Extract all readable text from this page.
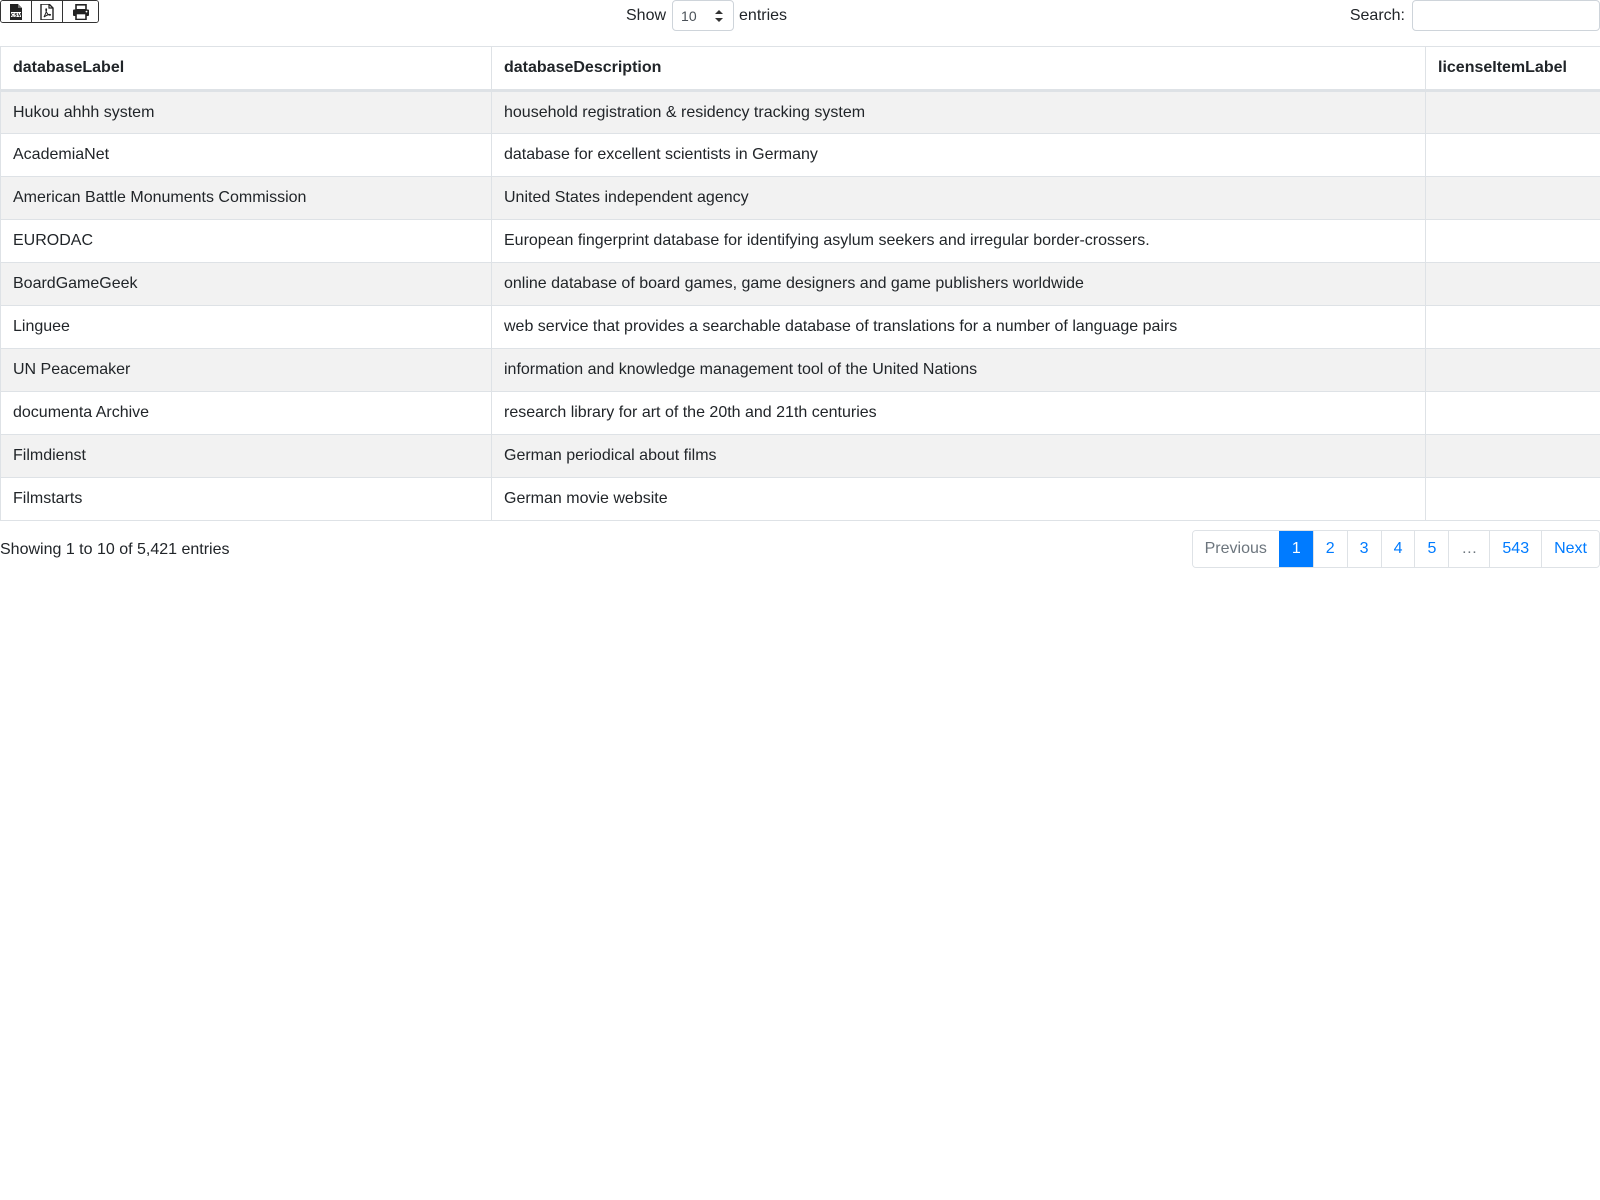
CSV	Show 10	entries	Search:
databaseLabel	databaseDescription	licenseItemLabel
Hukou ahhh system	household registration & residency tracking system	
AcademiaNet	database for excellent scientists in Germany	
American Battle Monuments Commission	United States independent agency	
EURODAC	European fingerprint database for identifying asylum seekers and irregular border-crossers.	
BoardGameGeek	online database of board games, game designers and game publishers worldwide	
Linguee	web service that provides a searchable database of translations for a number of language pairs	
UN Peacemaker	information and knowledge management tool of the United Nations	
documenta Archive	research library for art of the 20th and 21th centuries	
Filmdienst	German periodical about films	
Filmstarts	German movie website	
Showing 1 to 10 of 5,421 entries	Previous	1	2	3	4	5	…	543	Next
